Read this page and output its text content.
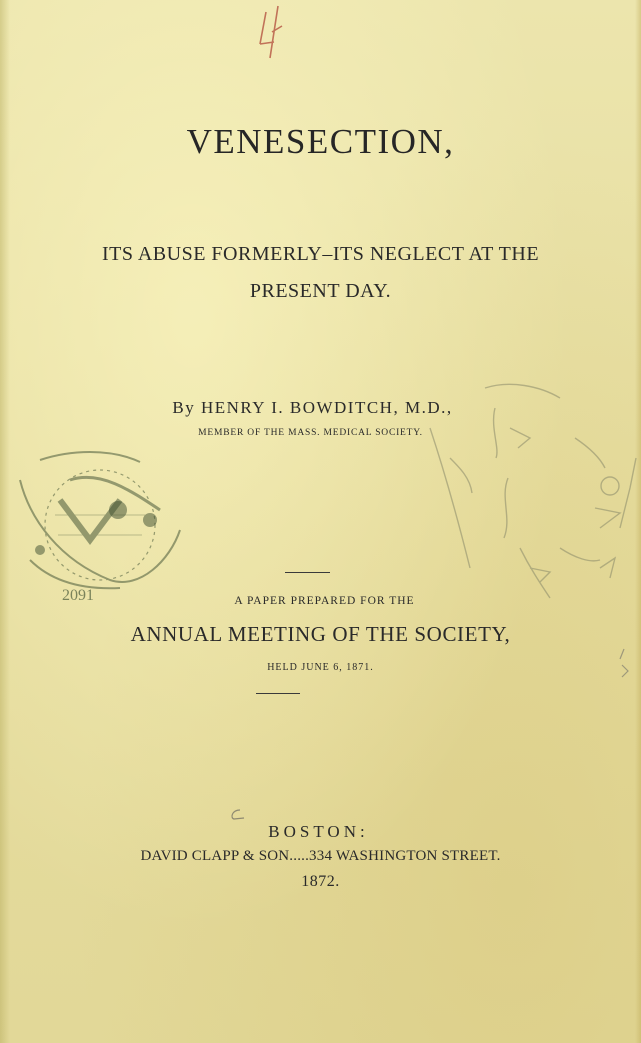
VENESECTION,
ITS ABUSE FORMERLY–ITS NEGLECT AT THE
PRESENT DAY.
By HENRY I. BOWDITCH, M.D.,
MEMBER OF THE MASS. MEDICAL SOCIETY.
2091	A PAPER PREPARED FOR THE
ANNUAL MEETING OF THE SOCIETY,
HELD JUNE 6, 1871.
BOSTON:
DAVID CLAPP & SON.....334 WASHINGTON STREET.
1872.
